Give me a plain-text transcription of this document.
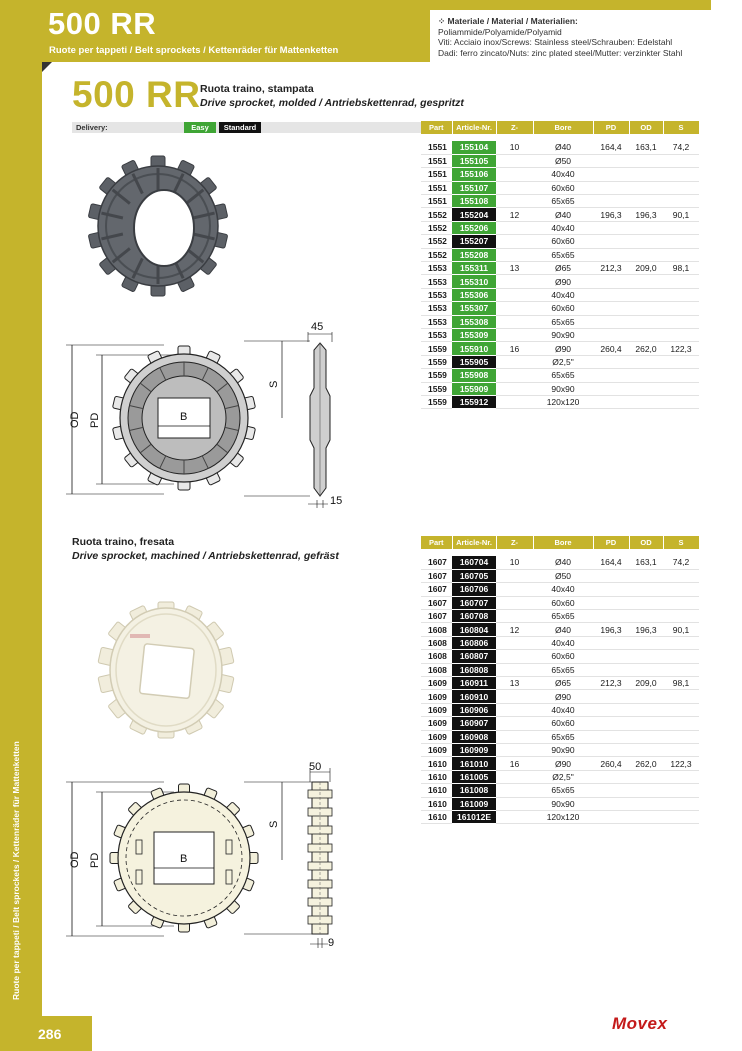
500 RR
Ruote per tappeti / Belt sprockets / Kettenräder für Mattenketten
⁘ Materiale / Material / Materialien:
Poliammide/Polyamide/Polyamid
Viti: Acciaio inox/Screws: Stainless steel/Schrauben: Edelstahl
Dadi: ferro zincato/Nuts: zinc plated steel/Mutter: verzinkter Stahl
500 RR Ruota traino, stampata
Drive sprocket, molded / Antriebskettenrad, gespritzt
Delivery:	Easy	Standard
OD PD	B
S
45
15
Part	Article-Nr.	Z-	Bore	PD	OD	S

1551	155104	10	Ø40	164,4	163,1	74,2
1551	155105		Ø50			
1551	155106		40x40			
1551	155107		60x60			
1551	155108		65x65			
1552	155204	12	Ø40	196,3	196,3	90,1
1552	155206		40x40			
1552	155207		60x60			
1552	155208		65x65			
1553	155311	13	Ø65	212,3	209,0	98,1
1553	155310		Ø90			
1553	155306		40x40			
1553	155307		60x60			
1553	155308		65x65			
1553	155309		90x90			
1559	155910	16	Ø90	260,4	262,0	122,3
1559	155905		Ø2,5"			
1559	155908		65x65			
1559	155909		90x90			
1559	155912		120x120			
Ruota traino, fresata
Drive sprocket, machined / Antriebskettenrad, gefräst
OD PD	B
S
50
9
Part	Article-Nr.	Z-	Bore	PD	OD	S

1607	160704	10	Ø40	164,4	163,1	74,2
1607	160705		Ø50			
1607	160706		40x40			
1607	160707		60x60			
1607	160708		65x65			
1608	160804	12	Ø40	196,3	196,3	90,1
1608	160806		40x40			
1608	160807		60x60			
1608	160808		65x65			
1609	160911	13	Ø65	212,3	209,0	98,1
1609	160910		Ø90			
1609	160906		40x40			
1609	160907		60x60			
1609	160908		65x65			
1609	160909		90x90			
1610	161010	16	Ø90	260,4	262,0	122,3
1610	161005		Ø2,5"			
1610	161008		65x65			
1610	161009		90x90			
1610	161012E		120x120			
Ruote per tappeti / Belt sprockets / Kettenräder für Mattenketten
286
Movex
